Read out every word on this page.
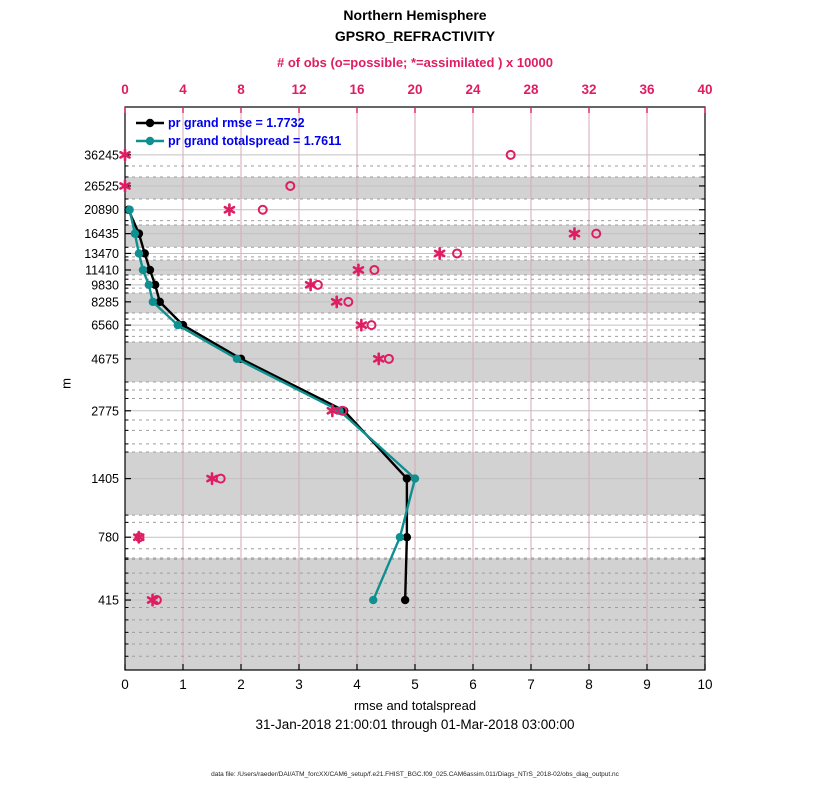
0	1	2	3	4	5	6	7	8	9	10
0	4	8	12	16	20	24	28	32	36	40
415
780
1405
2775
4675
6560
8285
9830
11410
13470
16435
20890
26525
36245
Northern Hemisphere
GPSRO_REFRACTIVITY
# of obs (o=possible; *=assimilated ) x 10000
pr grand rmse = 1.7732
pr grand totalspread = 1.7611
m
rmse and totalspread
31-Jan-2018 21:00:01 through 01-Mar-2018 03:00:00
data file: /Users/raeder/DAI/ATM_forcXX/CAM6_setup/f.e21.FHIST_BGC.f09_025.CAM6assim.011/Diags_NTrS_2018-02/obs_diag_output.nc
